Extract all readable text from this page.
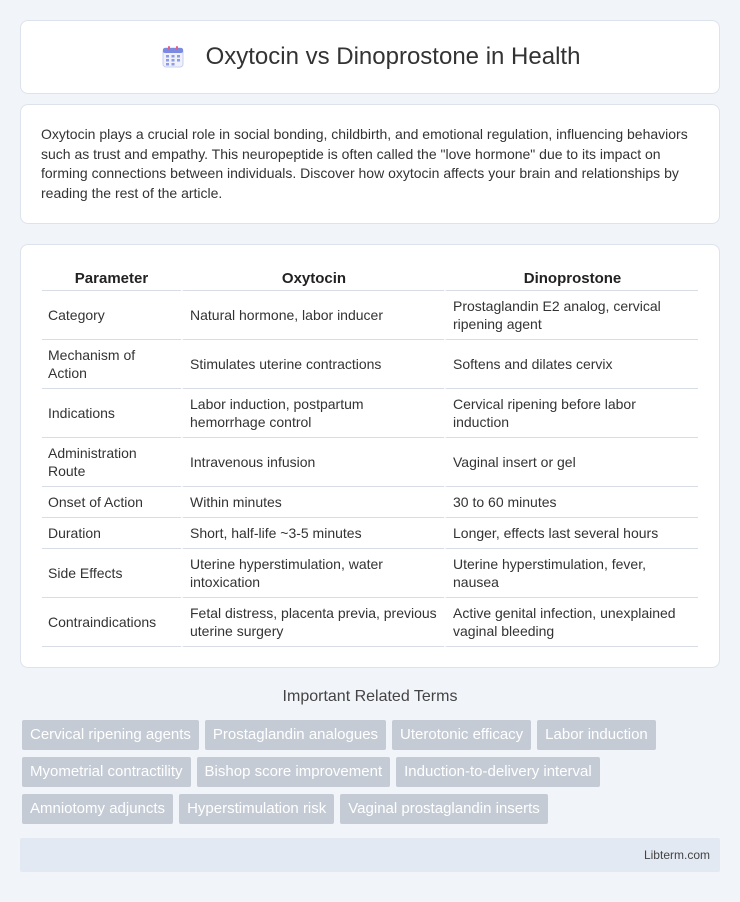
Oxytocin vs Dinoprostone in Health

Oxytocin plays a crucial role in social bonding, childbirth, and emotional regulation, influencing behaviors such as trust and empathy. This neuropeptide is often called the "love hormone" due to its impact on forming connections between individuals. Discover how oxytocin affects your brain and relationships by reading the rest of the article.

Parameter	Oxytocin	Dinoprostone
Category	Natural hormone, labor inducer	Prostaglandin E2 analog, cervical ripening agent
Mechanism of Action	Stimulates uterine contractions	Softens and dilates cervix
Indications	Labor induction, postpartum hemorrhage control	Cervical ripening before labor induction
Administration Route	Intravenous infusion	Vaginal insert or gel
Onset of Action	Within minutes	30 to 60 minutes
Duration	Short, half-life ~3-5 minutes	Longer, effects last several hours
Side Effects	Uterine hyperstimulation, water intoxication	Uterine hyperstimulation, fever, nausea
Contraindications	Fetal distress, placenta previa, previous uterine surgery	Active genital infection, unexplained vaginal bleeding
Important Related Terms
Cervical ripening agents	Prostaglandin analogues	Uterotonic efficacy	Labor induction
Myometrial contractility	Bishop score improvement	Induction-to-delivery interval
Amniotomy adjuncts	Hyperstimulation risk	Vaginal prostaglandin inserts
Libterm.com
